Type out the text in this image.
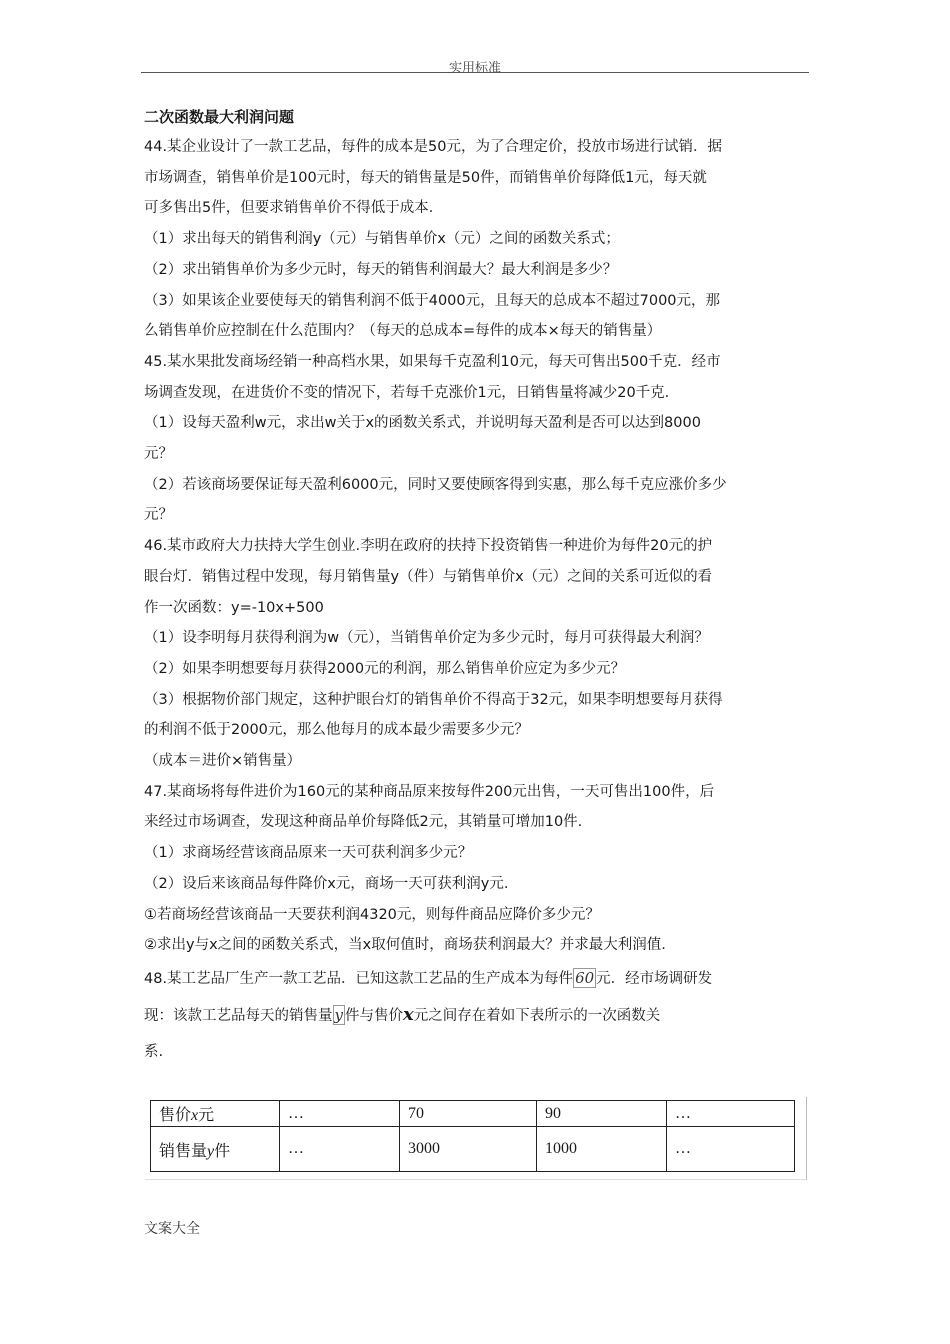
实用标准
二次函数最大利润问题
44.某企业设计了一款工艺品，每件的成本是50元，为了合理定价，投放市场进行试销．据
市场调查，销售单价是100元时，每天的销售量是50件，而销售单价每降低1元，每天就
可多售出5件，但要求销售单价不得低于成本．
（1）求出每天的销售利润y（元）与销售单价x（元）之间的函数关系式；
（2）求出销售单价为多少元时，每天的销售利润最大？最大利润是多少？
（3）如果该企业要使每天的销售利润不低于4000元，且每天的总成本不超过7000元，那
么销售单价应控制在什么范围内？（每天的总成本=每件的成本×每天的销售量）
45.某水果批发商场经销一种高档水果，如果每千克盈利10元，每天可售出500千克．经市
场调查发现，在进货价不变的情况下，若每千克涨价1元，日销售量将减少20千克.
（1）设每天盈利w元，求出w关于x的函数关系式，并说明每天盈利是否可以达到8000
元？
（2）若该商场要保证每天盈利6000元，同时又要使顾客得到实惠，那么每千克应涨价多少
元？
46.某市政府大力扶持大学生创业.李明在政府的扶持下投资销售一种进价为每件20元的护
眼台灯．销售过程中发现，每月销售量y（件）与销售单价x（元）之间的关系可近似的看
作一次函数：y=-10x+500
（1）设李明每月获得利润为w（元），当销售单价定为多少元时，每月可获得最大利润？
（2）如果李明想要每月获得2000元的利润，那么销售单价应定为多少元？
（3）根据物价部门规定，这种护眼台灯的销售单价不得高于32元，如果李明想要每月获得
的利润不低于2000元，那么他每月的成本最少需要多少元？
（成本＝进价×销售量）
47.某商场将每件进价为160元的某种商品原来按每件200元出售，一天可售出100件，后
来经过市场调查，发现这种商品单价每降低2元，其销量可增加10件.
（1）求商场经营该商品原来一天可获利润多少元？
（2）设后来该商品每件降价x元，商场一天可获利润y元.
①若商场经营该商品一天要获利润4320元，则每件商品应降价多少元？
②求出y与x之间的函数关系式，当x取何值时，商场获利润最大？并求最大利润值.
48.某工艺品厂生产一款工艺品．已知这款工艺品的生产成本为每件 60 元．经市场调研发
现：该款工艺品每天的销售量 y 件与售价x元之间存在着如下表所示的一次函数关
系.
售价x元	…	70	90	…
销售量y件	…	3000	1000	…
文案大全
